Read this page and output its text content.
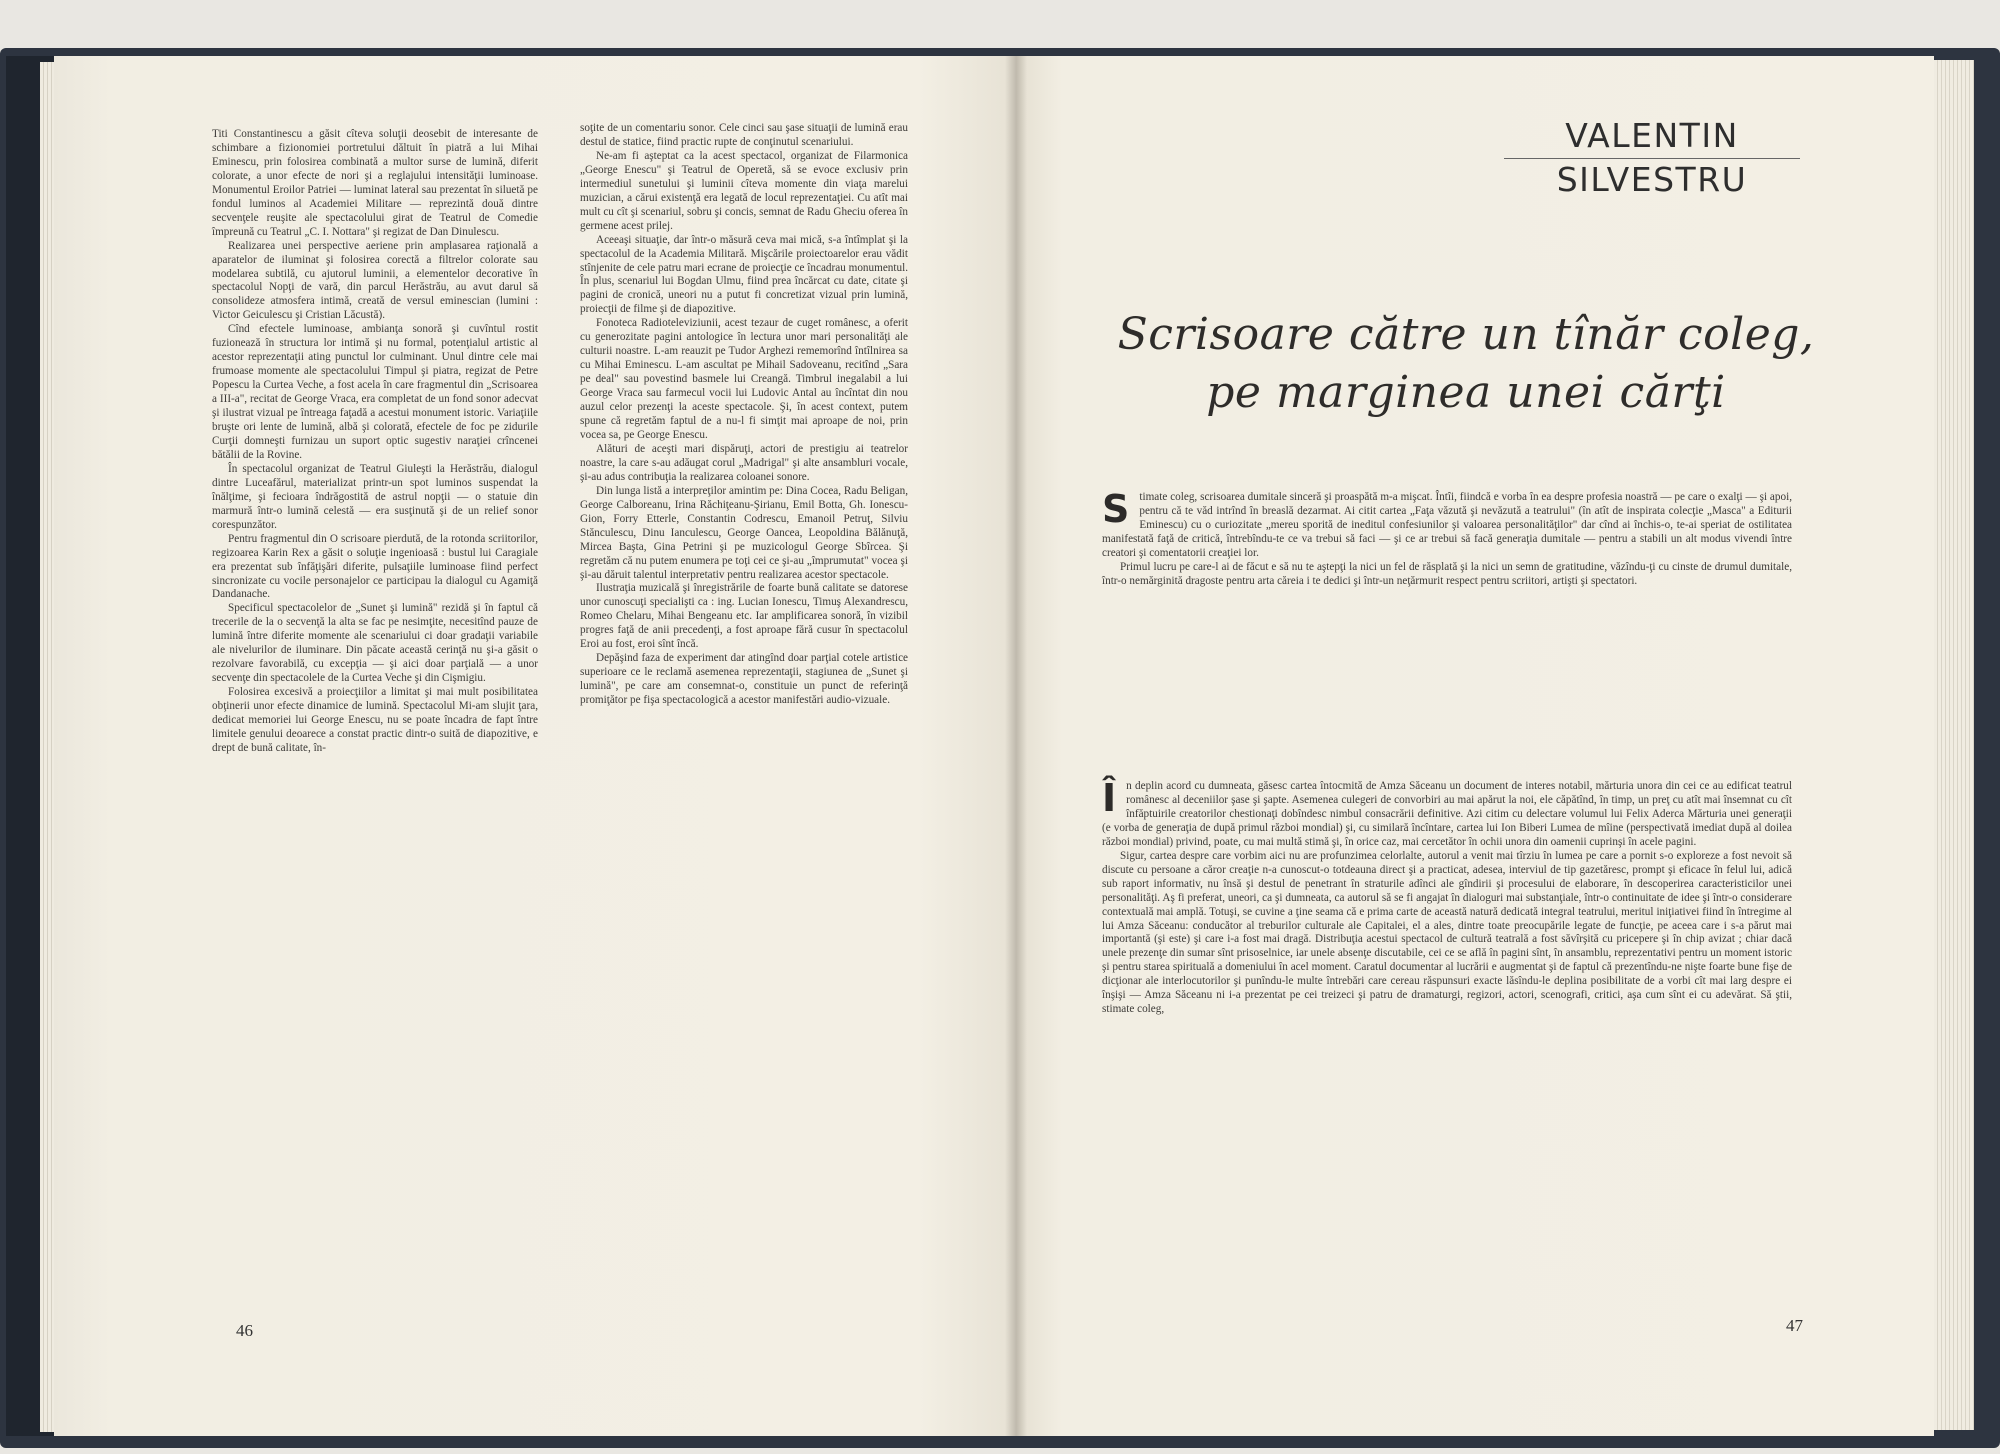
Titi Constantinescu a găsit cîteva soluţii deosebit de interesante de schimbare a fizionomiei portretului dăltuit în piatră a lui Mihai Eminescu, prin folosirea combinată a multor surse de lumină, diferit colorate, a unor efecte de nori şi a reglajului intensităţii luminoase. Monumentul Eroilor Patriei — luminat lateral sau prezentat în siluetă pe fondul luminos al Academiei Militare — reprezintă două dintre secvenţele reuşite ale spectacolului girat de Teatrul de Comedie împreună cu Teatrul „C. I. Nottara" şi regizat de Dan Dinulescu.

Realizarea unei perspective aeriene prin amplasarea raţională a aparatelor de iluminat şi folosirea corectă a filtrelor colorate sau modelarea subtilă, cu ajutorul luminii, a elementelor decorative în spectacolul Nopţi de vară, din parcul Herăstrău, au avut darul să consolideze atmosfera intimă, creată de versul eminescian (lumini : Victor Geiculescu şi Cristian Lăcustă).

Cînd efectele luminoase, ambianţa sonoră şi cuvîntul rostit fuzionează în structura lor intimă şi nu formal, potenţialul artistic al acestor reprezentaţii ating punctul lor culminant. Unul dintre cele mai frumoase momente ale spectacolului Timpul şi piatra, regizat de Petre Popescu la Curtea Veche, a fost acela în care fragmentul din „Scrisoarea a III-a", recitat de George Vraca, era completat de un fond sonor adecvat şi ilustrat vizual pe întreaga faţadă a acestui monument istoric. Variaţiile bruşte ori lente de lumină, albă şi colorată, efectele de foc pe zidurile Curţii domneşti furnizau un suport optic sugestiv naraţiei crîncenei bătălii de la Rovine.

În spectacolul organizat de Teatrul Giuleşti la Herăstrău, dialogul dintre Luceafărul, materializat printr-un spot luminos suspendat la înălţime, şi fecioara îndrăgostită de astrul nopţii — o statuie din marmură într-o lumină celestă — era susţinută şi de un relief sonor corespunzător.

Pentru fragmentul din O scrisoare pierdută, de la rotonda scriitorilor, regizoarea Karin Rex a găsit o soluţie ingenioasă : bustul lui Caragiale era prezentat sub înfăţişări diferite, pulsaţiile luminoase fiind perfect sincronizate cu vocile personajelor ce participau la dialogul cu Agamiţă Dandanache.

Specificul spectacolelor de „Sunet şi lumină" rezidă şi în faptul că trecerile de la o secvenţă la alta se fac pe nesimţite, necesitînd pauze de lumină între diferite momente ale scenariului ci doar gradaţii variabile ale nivelurilor de iluminare. Din păcate această cerinţă nu şi-a găsit o rezolvare favorabilă, cu excepţia — şi aici doar parţială — a unor secvenţe din spectacolele de la Curtea Veche şi din Cişmigiu.

Folosirea excesivă a proiecţiilor a limitat şi mai mult posibilitatea obţinerii unor efecte dinamice de lumină. Spectacolul Mi-am slujit ţara, dedicat memoriei lui George Enescu, nu se poate încadra de fapt între limitele genului deoarece a constat practic dintr-o suită de diapozitive, e drept de bună calitate, în-

soţite de un comentariu sonor. Cele cinci sau şase situaţii de lumină erau destul de statice, fiind practic rupte de conţinutul scenariului.

Ne-am fi aşteptat ca la acest spectacol, organizat de Filarmonica „George Enescu" şi Teatrul de Operetă, să se evoce exclusiv prin intermediul sunetului şi luminii cîteva momente din viaţa marelui muzician, a cărui existenţă era legată de locul reprezentaţiei. Cu atît mai mult cu cît şi scenariul, sobru şi concis, semnat de Radu Gheciu oferea în germene acest prilej.

Aceeaşi situaţie, dar într-o măsură ceva mai mică, s-a întîmplat şi la spectacolul de la Academia Militară. Mişcările proiectoarelor erau vădit stînjenite de cele patru mari ecrane de proiecţie ce încadrau monumentul. În plus, scenariul lui Bogdan Ulmu, fiind prea încărcat cu date, citate şi pagini de cronică, uneori nu a putut fi concretizat vizual prin lumină, proiecţii de filme şi de diapozitive.

Fonoteca Radioteleviziunii, acest tezaur de cuget românesc, a oferit cu generozitate pagini antologice în lectura unor mari personalităţi ale culturii noastre. L-am reauzit pe Tudor Arghezi rememorînd întîlnirea sa cu Mihai Eminescu. L-am ascultat pe Mihail Sadoveanu, recitînd „Sara pe deal" sau povestind basmele lui Creangă. Timbrul inegalabil a lui George Vraca sau farmecul vocii lui Ludovic Antal au încîntat din nou auzul celor prezenţi la aceste spectacole. Şi, în acest context, putem spune că regretăm faptul de a nu-l fi simţit mai aproape de noi, prin vocea sa, pe George Enescu.

Alături de aceşti mari dispăruţi, actori de prestigiu ai teatrelor noastre, la care s-au adăugat corul „Madrigal" şi alte ansambluri vocale, şi-au adus contribuţia la realizarea coloanei sonore.

Din lunga listă a interpreţilor amintim pe: Dina Cocea, Radu Beligan, George Calboreanu, Irina Răchiţeanu-Şirianu, Emil Botta, Gh. Ionescu-Gion, Forry Etterle, Constantin Codrescu, Emanoil Petruţ, Silviu Stănculescu, Dinu Ianculescu, George Oancea, Leopoldina Bălănuţă, Mircea Başta, Gina Petrini şi pe muzicologul George Sbîrcea. Şi regretăm că nu putem enumera pe toţi cei ce şi-au „împrumutat" vocea şi şi-au dăruit talentul interpretativ pentru realizarea acestor spectacole.

Ilustraţia muzicală şi înregistrările de foarte bună calitate se datorese unor cunoscuţi specialişti ca : ing. Lucian Ionescu, Timuş Alexandrescu, Romeo Chelaru, Mihai Bengeanu etc. Iar amplificarea sonoră, în vizibil progres faţă de anii precedenţi, a fost aproape fără cusur în spectacolul Eroi au fost, eroi sînt încă.

Depăşind faza de experiment dar atingînd doar parţial cotele artistice superioare ce le reclamă asemenea reprezentaţii, stagiunea de „Sunet şi lumină", pe care am consemnat-o, constituie un punct de referinţă promiţător pe fişa spectacologică a acestor manifestări audio-vizuale.

46
VALENTIN
SILVESTRU
Scrisoare către un tînăr coleg,
pe marginea unei cărţi

Stimate coleg, scrisoarea dumitale sinceră şi proaspătă m-a mişcat. Întîi, fiindcă e vorba în ea despre profesia noastră — pe care o exalţi — şi apoi, pentru că te văd intrînd în breaslă dezarmat. Ai citit cartea „Faţa văzută şi nevăzută a teatrului" (în atît de inspirata colecţie „Masca" a Editurii Eminescu) cu o curiozitate „mereu sporită de ineditul confesiunilor şi valoarea personalităţilor" dar cînd ai închis-o, te-ai speriat de ostilitatea manifestată faţă de critică, întrebîndu-te ce va trebui să faci — şi ce ar trebui să facă generaţia dumitale — pentru a stabili un alt modus vivendi între creatori şi comentatorii creaţiei lor.

Primul lucru pe care-l ai de făcut e să nu te aştepţi la nici un fel de răsplată şi la nici un semn de gratitudine, văzîndu-ţi cu cinste de drumul dumitale, într-o nemărginită dragoste pentru arta căreia i te dedici şi într-un neţărmurit respect pentru scriitori, artişti şi spectatori.

În deplin acord cu dumneata, găsesc cartea întocmită de Amza Săceanu un document de interes notabil, mărturia unora din cei ce au edificat teatrul românesc al deceniilor şase şi şapte. Asemenea culegeri de convorbiri au mai apărut la noi, ele căpătînd, în timp, un preţ cu atît mai însemnat cu cît înfăptuirile creatorilor chestionaţi dobîndesc nimbul consacrării definitive. Azi citim cu delectare volumul lui Felix Aderca Mărturia unei generaţii (e vorba de generaţia de după primul război mondial) şi, cu similară încîntare, cartea lui Ion Biberi Lumea de mîine (perspectivată imediat după al doilea război mondial) privind, poate, cu mai multă stimă şi, în orice caz, mai cercetător în ochii unora din oamenii cuprinşi în acele pagini.

Sigur, cartea despre care vorbim aici nu are profunzimea celorlalte, autorul a venit mai tîrziu în lumea pe care a pornit s-o exploreze a fost nevoit să discute cu persoane a căror creaţie n-a cunoscut-o totdeauna direct şi a practicat, adesea, interviul de tip gazetăresc, prompt şi eficace în felul lui, adică sub raport informativ, nu însă şi destul de penetrant în straturile adînci ale gîndirii şi procesului de elaborare, în descoperirea caracteristicilor unei personalităţi. Aş fi preferat, uneori, ca şi dumneata, ca autorul să se fi angajat în dialoguri mai substanţiale, într-o continuitate de idee şi într-o considerare contextuală mai amplă. Totuşi, se cuvine a ţine seama că e prima carte de această natură dedicată integral teatrului, meritul iniţiativei fiind în întregime al lui Amza Săceanu: conducător al treburilor culturale ale Capitalei, el a ales, dintre toate preocupările legate de funcţie, pe aceea care i s-a părut mai importantă (şi este) şi care i-a fost mai dragă. Distribuţia acestui spectacol de cultură teatrală a fost săvîrşită cu pricepere şi în chip avizat ; chiar dacă unele prezenţe din sumar sînt prisoselnice, iar unele absenţe discutabile, cei ce se află în pagini sînt, în ansamblu, reprezentativi pentru un moment istoric şi pentru starea spirituală a domeniului în acel moment. Caratul documentar al lucrării e augmentat şi de faptul că prezentîndu-ne nişte foarte bune fişe de dicţionar ale interlocutorilor şi punîndu-le multe întrebări care cereau răspunsuri exacte lăsîndu-le deplina posibilitate de a vorbi cît mai larg despre ei înşişi — Amza Săceanu ni i-a prezentat pe cei treizeci şi patru de dramaturgi, regizori, actori, scenografi, critici, aşa cum sînt ei cu adevărat. Să ştii, stimate coleg,

47
